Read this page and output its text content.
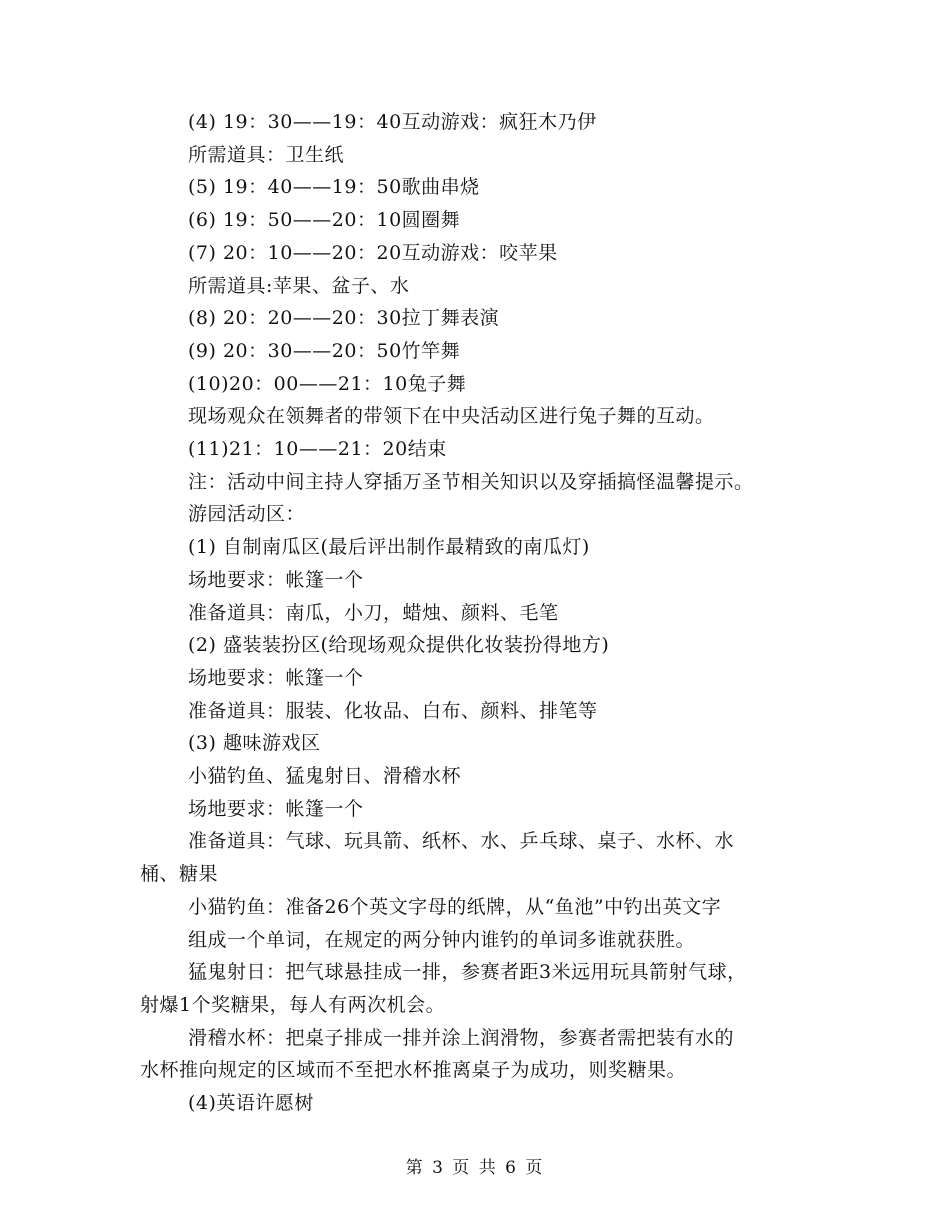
(4) 19：30——19：40互动游戏：疯狂木乃伊
所需道具：卫生纸
(5) 19：40——19：50歌曲串烧
(6) 19：50——20：10圆圈舞
(7) 20：10——20：20互动游戏：咬苹果
所需道具:苹果、盆子、水
(8) 20：20——20：30拉丁舞表演
(9) 20：30——20：50竹竿舞
(10)20：00——21：10兔子舞
现场观众在领舞者的带领下在中央活动区进行兔子舞的互动。
(11)21：10——21：20结束
注：活动中间主持人穿插万圣节相关知识以及穿插搞怪温馨提示。
游园活动区：
(1) 自制南瓜区(最后评出制作最精致的南瓜灯)
场地要求：帐篷一个
准备道具：南瓜，小刀，蜡烛、颜料、毛笔
(2) 盛装装扮区(给现场观众提供化妆装扮得地方)
场地要求：帐篷一个
准备道具：服装、化妆品、白布、颜料、排笔等
(3) 趣味游戏区
小猫钓鱼、猛鬼射日、滑稽水杯
场地要求：帐篷一个
准备道具：气球、玩具箭、纸杯、水、乒乓球、桌子、水杯、水
桶、糖果
小猫钓鱼：准备26个英文字母的纸牌，从“鱼池”中钓出英文字
组成一个单词，在规定的两分钟内谁钓的单词多谁就获胜。
猛鬼射日：把气球悬挂成一排，参赛者距3米远用玩具箭射气球，
射爆1个奖糖果，每人有两次机会。
滑稽水杯：把桌子排成一排并涂上润滑物，参赛者需把装有水的
水杯推向规定的区域而不至把水杯推离桌子为成功，则奖糖果。
(4)英语许愿树
第 3 页 共 6 页
